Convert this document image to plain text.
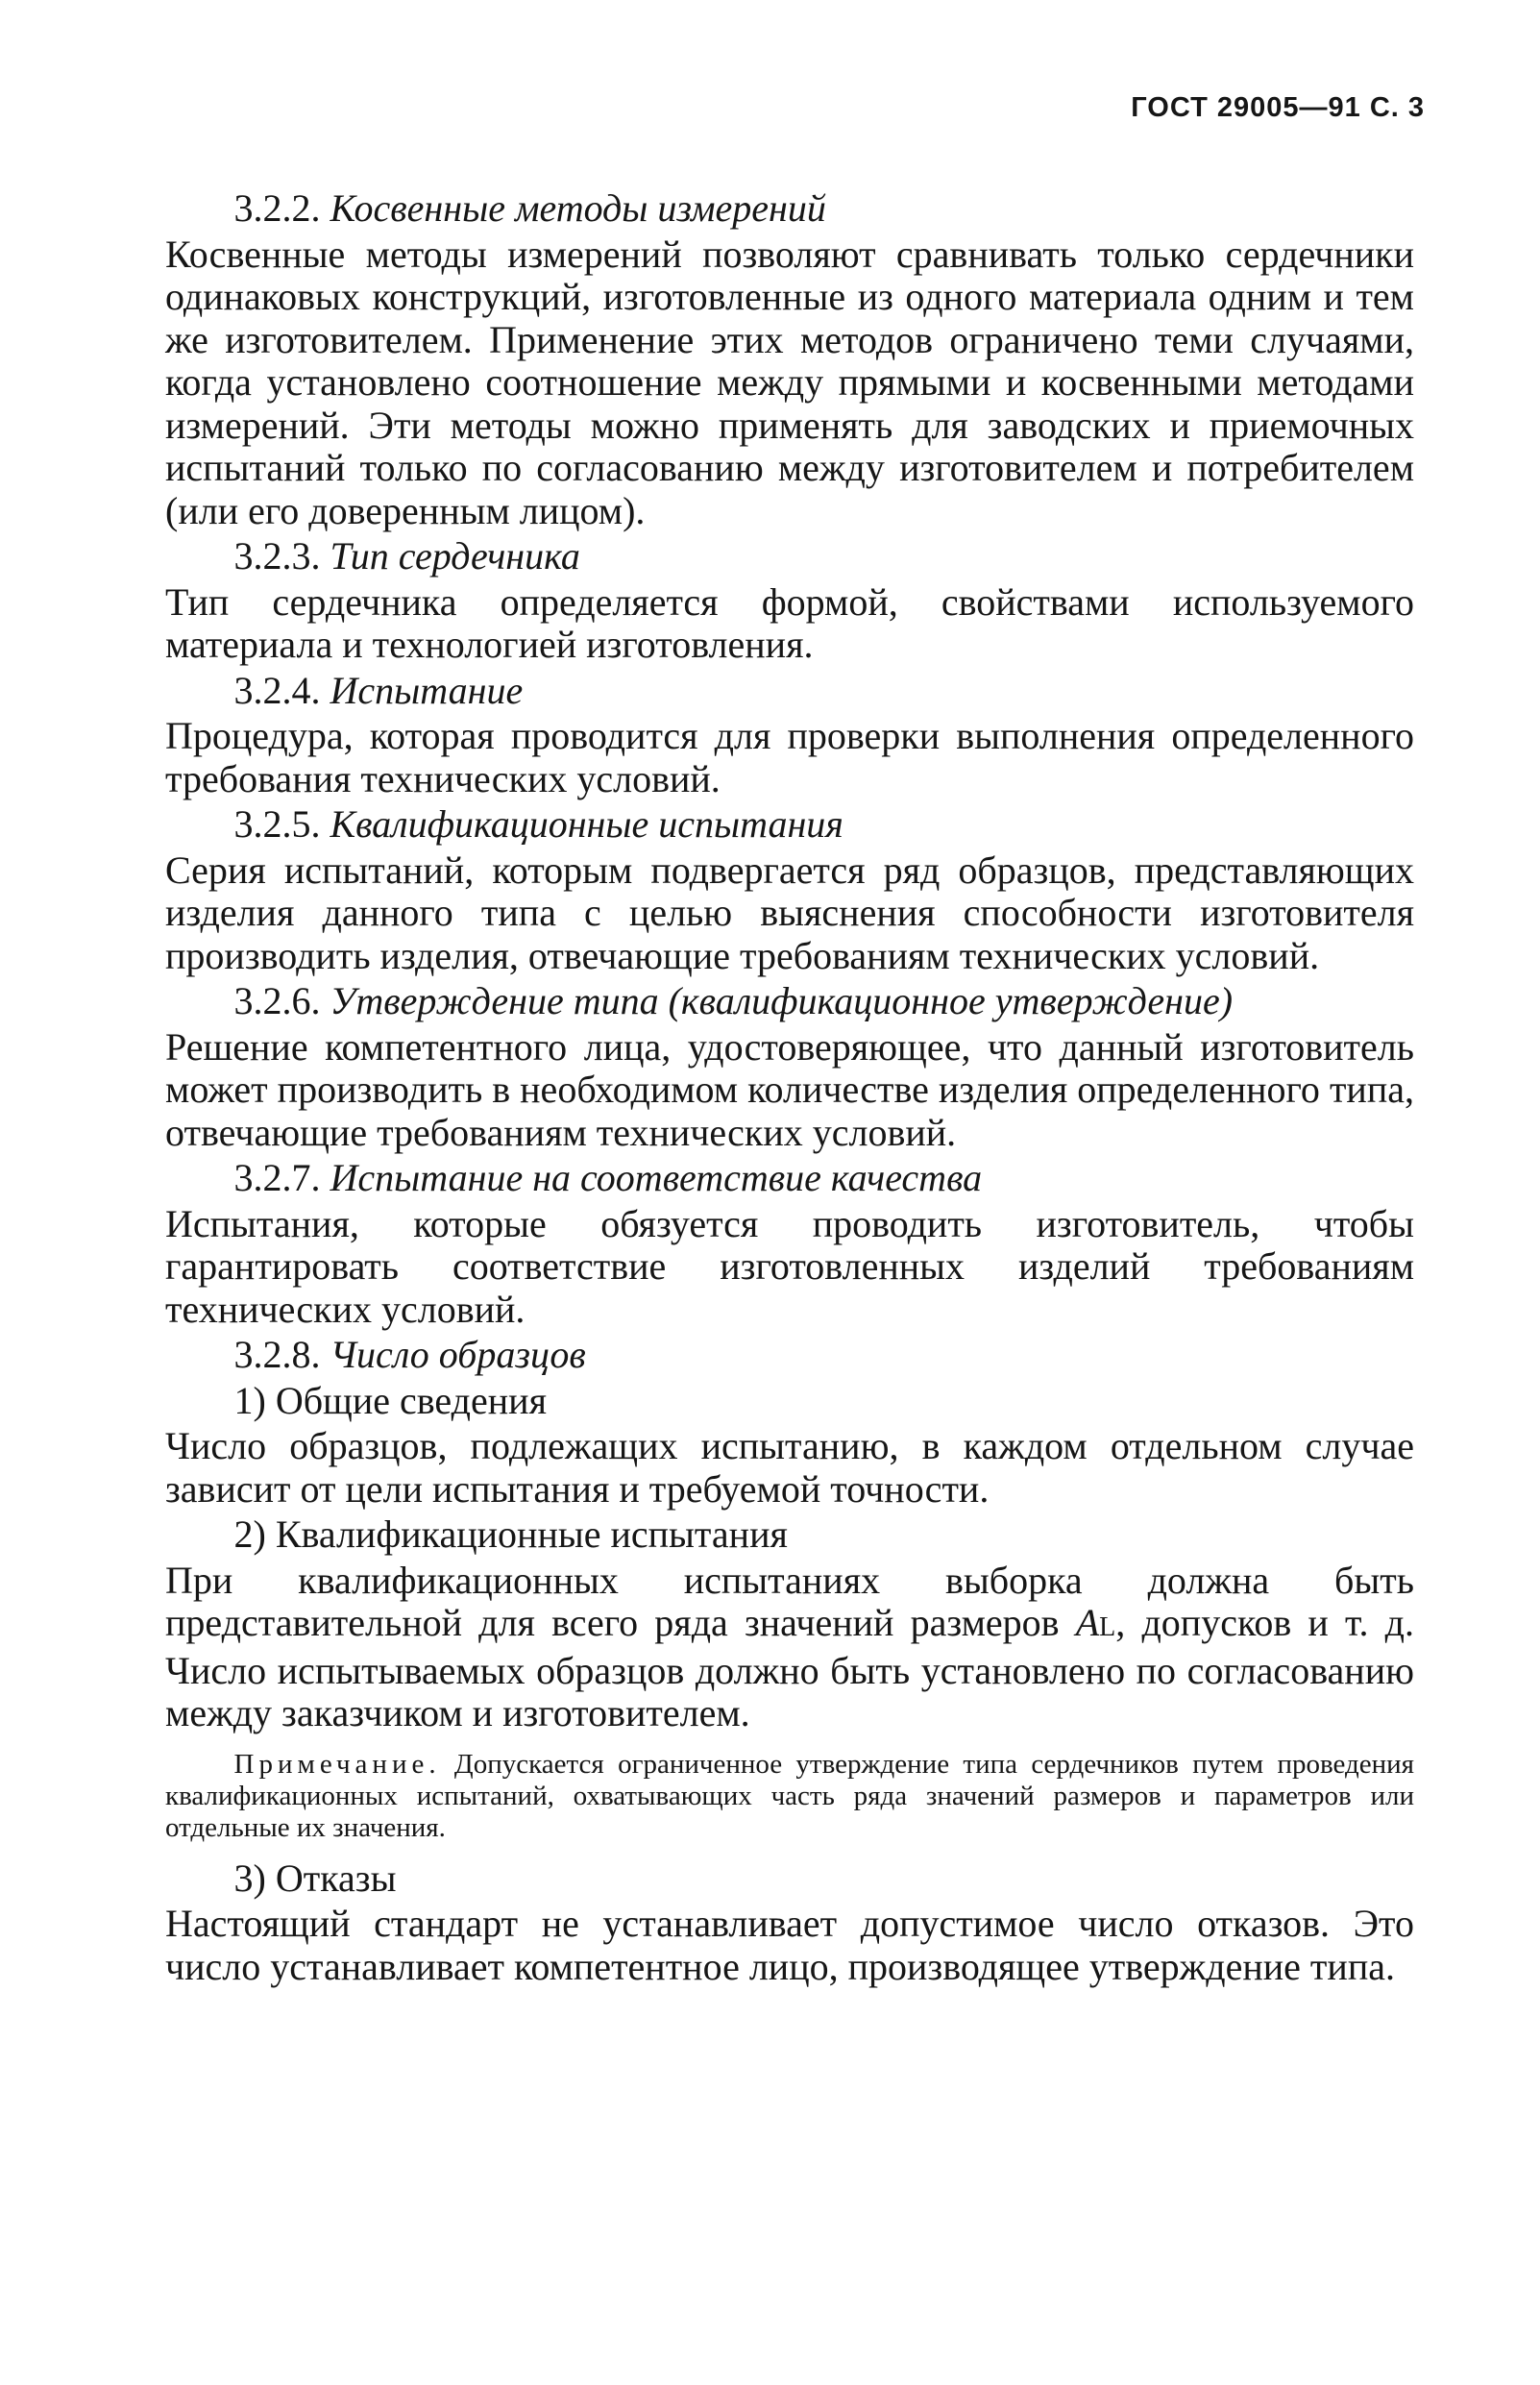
ГОСТ 29005—91 С. 3

3.2.2. Косвенные методы измерений

Косвенные методы измерений позволяют сравнивать только сердечники одинаковых конструкций, изготовленные из одного материала одним и тем же изготовителем. Применение этих методов ограничено теми случаями, когда установлено соотношение между прямыми и косвенными методами измерений. Эти методы можно применять для заводских и приемочных испытаний только по согласованию между изготовителем и потребителем (или его доверенным лицом).

3.2.3. Тип сердечника

Тип сердечника определяется формой, свойствами используемого материала и технологией изготовления.

3.2.4. Испытание

Процедура, которая проводится для проверки выполнения определенного требования технических условий.

3.2.5. Квалификационные испытания

Серия испытаний, которым подвергается ряд образцов, представляющих изделия данного типа с целью выяснения способности изготовителя производить изделия, отвечающие требованиям технических условий.

3.2.6. Утверждение типа (квалификационное утверждение)

Решение компетентного лица, удостоверяющее, что данный изготовитель может производить в необходимом количестве изделия определенного типа, отвечающие требованиям технических условий.

3.2.7. Испытание на соответствие качества

Испытания, которые обязуется проводить изготовитель, чтобы гарантировать соответствие изготовленных изделий требованиям технических условий.

3.2.8. Число образцов

1) Общие сведения

Число образцов, подлежащих испытанию, в каждом отдельном случае зависит от цели испытания и требуемой точности.

2) Квалификационные испытания

При квалификационных испытаниях выборка должна быть представительной для всего ряда значений размеров AL, допусков и т. д. Число испытываемых образцов должно быть установлено по согласованию между заказчиком и изготовителем.

Примечание. Допускается ограниченное утверждение типа сердечников путем проведения квалификационных испытаний, охватывающих часть ряда значений размеров и параметров или отдельные их значения.

3) Отказы

Настоящий стандарт не устанавливает допустимое число отказов. Это число устанавливает компетентное лицо, производящее утверждение типа.
